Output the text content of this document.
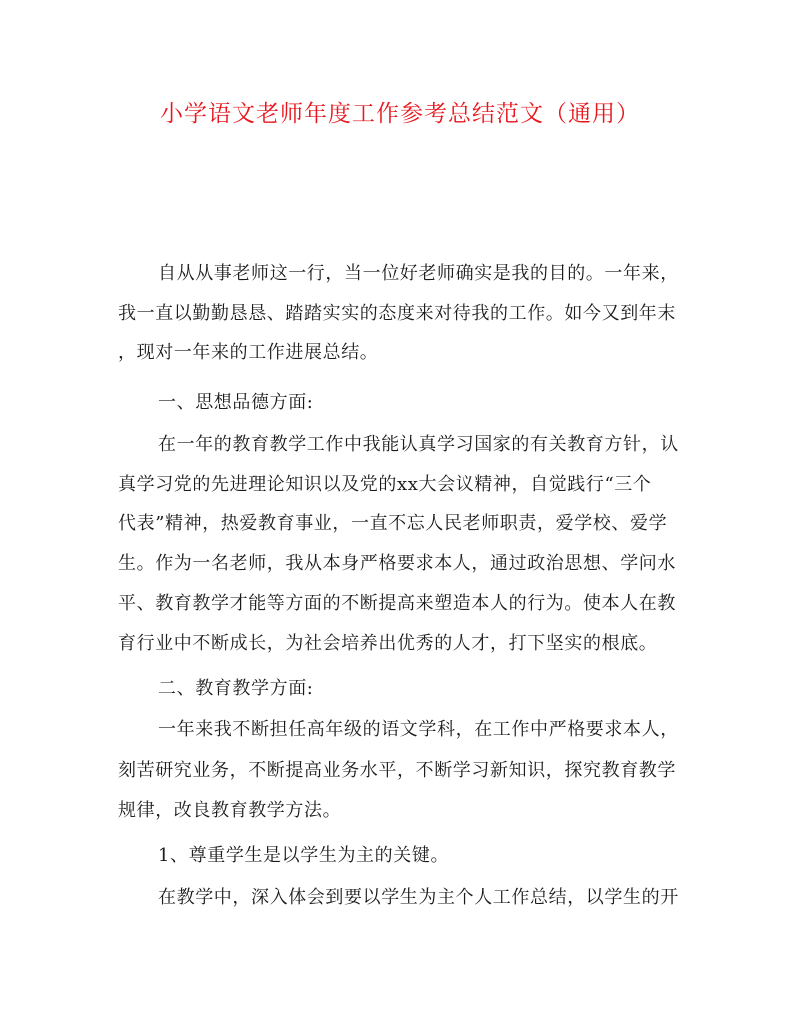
小学语文老师年度工作参考总结范文（通用）
自从从事老师这一行，当一位好老师确实是我的目的。一年来，
我一直以勤勤恳恳、踏踏实实的态度来对待我的工作。如今又到年末
，现对一年来的工作进展总结。
一、思想品德方面:
在一年的教育教学工作中我能认真学习国家的有关教育方针，认
真学习党的先进理论知识以及党的xx大会议精神，自觉践行“三个
代表”精神，热爱教育事业，一直不忘人民老师职责，爱学校、爱学
生。作为一名老师，我从本身严格要求本人，通过政治思想、学问水
平、教育教学才能等方面的不断提高来塑造本人的行为。使本人在教
育行业中不断成长，为社会培养出优秀的人才，打下坚实的根底。
二、教育教学方面:
一年来我不断担任高年级的语文学科，在工作中严格要求本人，
刻苦研究业务，不断提高业务水平，不断学习新知识，探究教育教学
规律，改良教育教学方法。
1、尊重学生是以学生为主的关键。
在教学中，深入体会到要以学生为主个人工作总结，以学生的开
